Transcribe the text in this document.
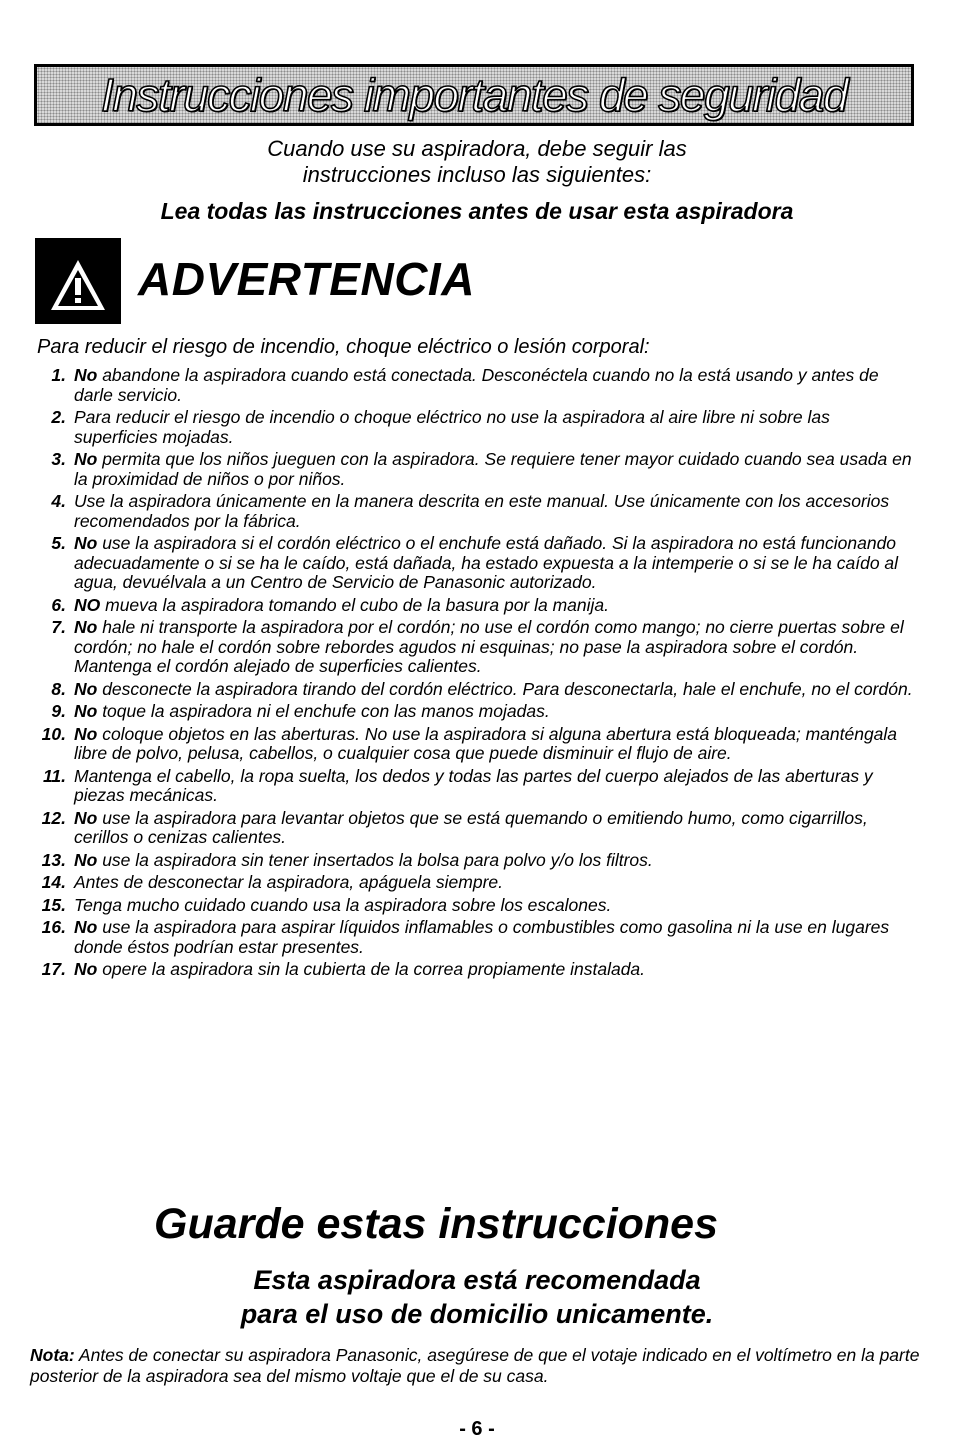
Instrucciones importantes de seguridad
Cuando use su aspiradora, debe seguir las
instrucciones incluso las siguientes:
Lea todas las instrucciones antes de usar esta aspiradora
ADVERTENCIA
Para reducir el riesgo de incendio, choque eléctrico o lesión corporal:
1. No abandone la aspiradora cuando está conectada. Desconéctela cuando no la está usando y antes de darle servicio.
2. Para reducir el riesgo de incendio o choque eléctrico no use la aspiradora al aire libre ni sobre las superficies mojadas.
3. No permita que los niños jueguen con la aspiradora. Se requiere tener mayor cuidado cuando sea usada en la proximidad de niños o por niños.
4. Use la aspiradora únicamente en la manera descrita en este manual. Use únicamente con los accesorios recomendados por la fábrica.
5. No use la aspiradora si el cordón eléctrico o el enchufe está dañado. Si la aspiradora no está funcionando adecuadamente o si se ha le caído, está dañada, ha estado expuesta a la intemperie o si se le ha caído al agua, devuélvala a un Centro de Servicio de Panasonic autorizado.
6. NO mueva la aspiradora tomando el cubo de la basura por la manija.
7. No hale ni transporte la aspiradora por el cordón; no use el cordón como mango; no cierre puertas sobre el cordón; no hale el cordón sobre rebordes agudos ni esquinas; no pase la aspiradora sobre el cordón. Mantenga el cordón alejado de superficies calientes.
8. No desconecte la aspiradora tirando del cordón eléctrico. Para desconectarla, hale el enchufe, no el cordón.
9. No toque la aspiradora ni el enchufe con las manos mojadas.
10. No coloque objetos en las aberturas. No use la aspiradora si alguna abertura está bloqueada; manténgala libre de polvo, pelusa, cabellos, o cualquier cosa que puede disminuir el flujo de aire.
11. Mantenga el cabello, la ropa suelta, los dedos y todas las partes del cuerpo alejados de las aberturas y piezas mecánicas.
12. No use la aspiradora para levantar objetos que se está quemando o emitiendo humo, como cigarrillos, cerillos o cenizas calientes.
13. No use la aspiradora sin tener insertados la bolsa para polvo y/o los filtros.
14. Antes de desconectar la aspiradora, apáguela siempre.
15. Tenga mucho cuidado cuando usa la aspiradora sobre los escalones.
16. No use la aspiradora para aspirar líquidos inflamables o combustibles como gasolina ni la use en lugares donde éstos podrían estar presentes.
17. No opere la aspiradora sin la cubierta de la correa propiamente instalada.
Guarde estas instrucciones
Esta aspiradora está recomendada
para el uso de domicilio unicamente.
Nota: Antes de conectar su aspiradora Panasonic, asegúrese de que el votaje indicado en el voltímetro en la parte posterior de la aspiradora sea del mismo voltaje que el de su casa.
- 6 -
